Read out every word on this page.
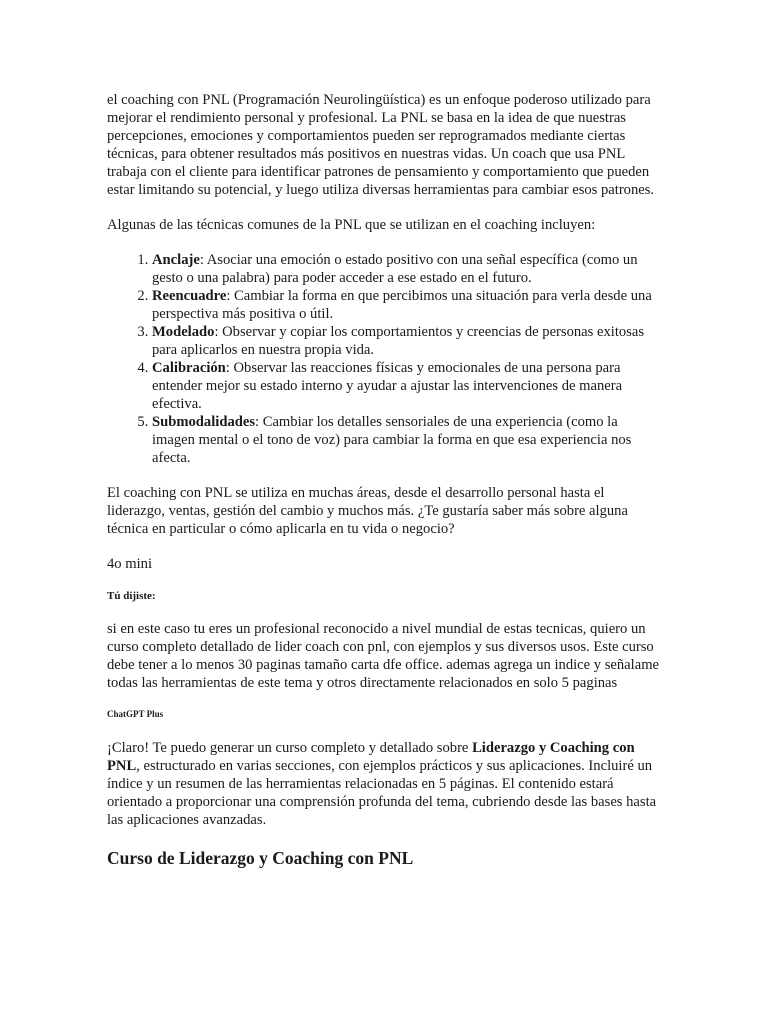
el coaching con PNL (Programación Neurolingüística) es un enfoque poderoso utilizado para mejorar el rendimiento personal y profesional. La PNL se basa en la idea de que nuestras percepciones, emociones y comportamientos pueden ser reprogramados mediante ciertas técnicas, para obtener resultados más positivos en nuestras vidas. Un coach que usa PNL trabaja con el cliente para identificar patrones de pensamiento y comportamiento que pueden estar limitando su potencial, y luego utiliza diversas herramientas para cambiar esos patrones.

Algunas de las técnicas comunes de la PNL que se utilizan en el coaching incluyen:

1. Anclaje: Asociar una emoción o estado positivo con una señal específica (como un gesto o una palabra) para poder acceder a ese estado en el futuro.
2. Reencuadre: Cambiar la forma en que percibimos una situación para verla desde una perspectiva más positiva o útil.
3. Modelado: Observar y copiar los comportamientos y creencias de personas exitosas para aplicarlos en nuestra propia vida.
4. Calibración: Observar las reacciones físicas y emocionales de una persona para entender mejor su estado interno y ayudar a ajustar las intervenciones de manera efectiva.
5. Submodalidades: Cambiar los detalles sensoriales de una experiencia (como la imagen mental o el tono de voz) para cambiar la forma en que esa experiencia nos afecta.

El coaching con PNL se utiliza en muchas áreas, desde el desarrollo personal hasta el liderazgo, ventas, gestión del cambio y muchos más. ¿Te gustaría saber más sobre alguna técnica en particular o cómo aplicarla en tu vida o negocio?

4o mini

Tú dijiste:

si en este caso tu eres un profesional reconocido a nivel mundial de estas tecnicas, quiero un curso completo detallado de lider coach con pnl, con ejemplos y sus diversos usos. Este curso debe tener a lo menos 30 paginas tamaño carta dfe office. ademas agrega un indice y señalame todas las herramientas de este tema y otros directamente relacionados en solo 5 paginas

ChatGPT Plus

¡Claro! Te puedo generar un curso completo y detallado sobre Liderazgo y Coaching con PNL, estructurado en varias secciones, con ejemplos prácticos y sus aplicaciones. Incluiré un índice y un resumen de las herramientas relacionadas en 5 páginas. El contenido estará orientado a proporcionar una comprensión profunda del tema, cubriendo desde las bases hasta las aplicaciones avanzadas.

Curso de Liderazgo y Coaching con PNL
